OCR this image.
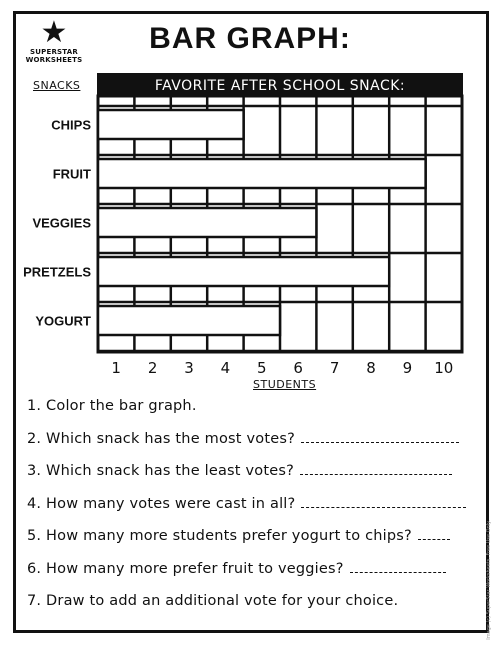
★
SUPERSTAR
WORKSHEETS
BAR GRAPH:
SNACKS
STUDENTS
FAVORITE AFTER SCHOOL SNACK:
CHIPS
FRUIT
VEGGIES
PRETZELS
YOGURT
1 2 3 4 5 6 7 8 9 10
1. Color the bar graph.
2. Which snack has the most votes?
3. Which snack has the least votes?
4. How many votes were cast in all?
5. How many more students prefer yogurt to chips?
6. How many more prefer fruit to veggies?
7. Draw to add an additional vote for your choice.	Image (c) SuperStar Worksheets. Free Use Only.
